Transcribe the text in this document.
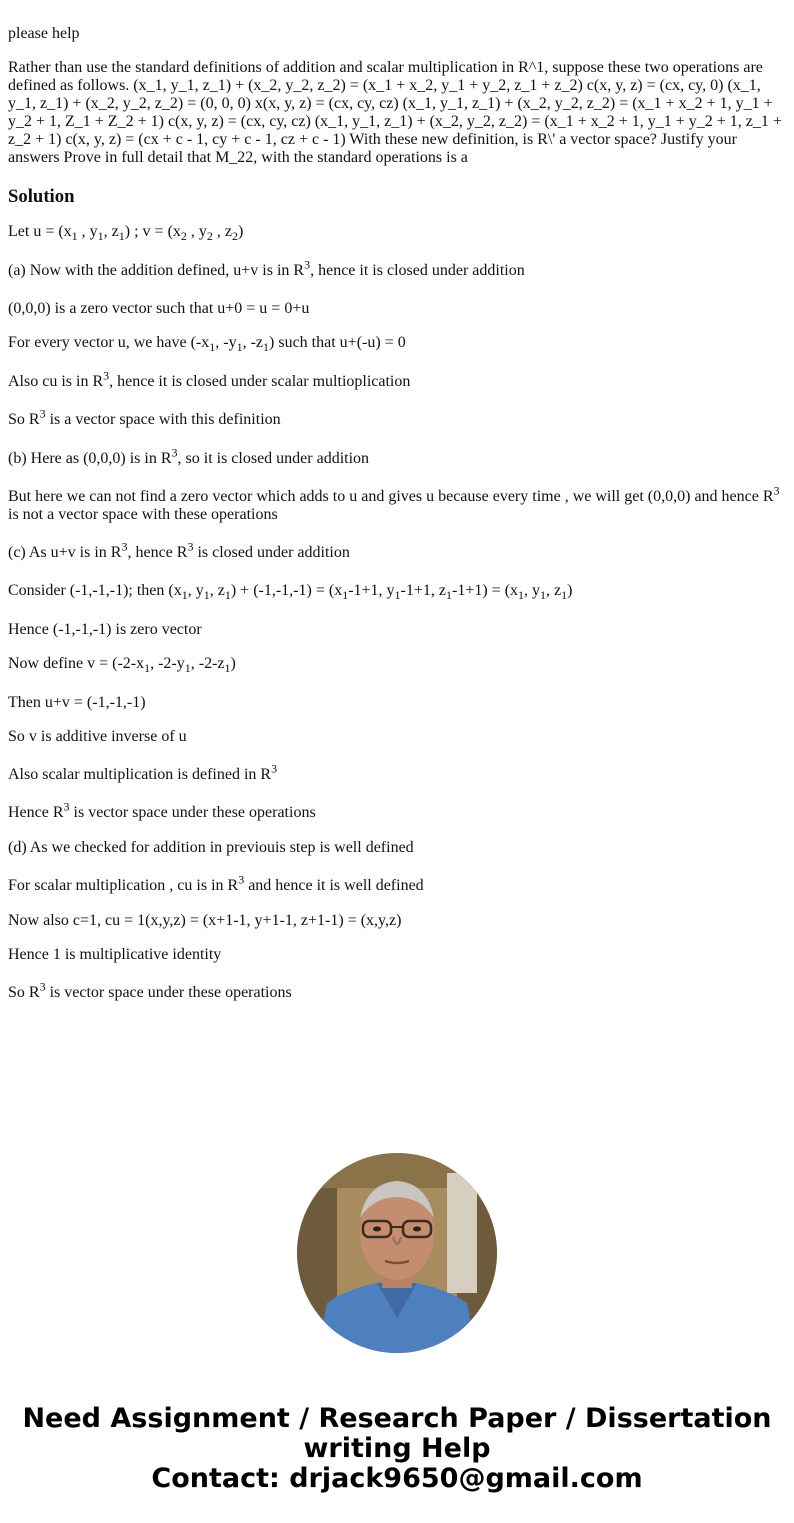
please help

Rather than use the standard definitions of addition and scalar multiplication in R^1, suppose these two operations are defined as follows. (x_1, y_1, z_1) + (x_2, y_2, z_2) = (x_1 + x_2, y_1 + y_2, z_1 + z_2) c(x, y, z) = (cx, cy, 0) (x_1, y_1, z_1) + (x_2, y_2, z_2) = (0, 0, 0) x(x, y, z) = (cx, cy, cz) (x_1, y_1, z_1) + (x_2, y_2, z_2) = (x_1 + x_2 + 1, y_1 + y_2 + 1, Z_1 + Z_2 + 1) c(x, y, z) = (cx, cy, cz) (x_1, y_1, z_1) + (x_2, y_2, z_2) = (x_1 + x_2 + 1, y_1 + y_2 + 1, z_1 + z_2 + 1) c(x, y, z) = (cx + c - 1, cy + c - 1, cz + c - 1) With these new definition, is R\' a vector space? Justify your answers Prove in full detail that M_22, with the standard operations is a

Solution

Let $u = (x_1$ , $y_1$, $z_1$) ; $v = (x_2$ , $y_2$ , $z_2$)

(a) Now with the addition defined, u+v is in $R^3$, hence it is closed under addition

(0,0,0) is a zero vector such that u+0 = u = 0+u

For every vector u, we have ($-x_1$, $-y_1$, $-z_1$) such that u+(-u) = 0

Also cu is in $R^3$, hence it is closed under scalar multioplication

So $R^3$ is a vector space with this definition

(b) Here as (0,0,0) is in $R^3$, so it is closed under addition

But here we can not find a zero vector which adds to u and gives u because every time , we will get (0,0,0) and hence $R^3$ is not a vector space with these operations

(c) As u+v is in $R^3$, hence $R^3$ is closed under addition

Consider (-1,-1,-1); then ($x_1$, $y_1$, $z_1) + (-1,-1,-1) = (x_1-1+1$, $y_1-1+1$, $z_1-1+1) = (x_1$, $y_1$, $z_1$)

Hence (-1,-1,-1) is zero vector

Now define $v = (-2-x_1$, $-2-y_1$, $-2-z_1$)

Then u+v = (-1,-1,-1)

So v is additive inverse of u

Also scalar multiplication is defined in $R^3$

Hence $R^3$ is vector space under these operations

(d) As we checked for addition in previouis step is well defined

For scalar multiplication , cu is in $R^3$ and hence it is well defined

Now also c=1, cu = 1(x,y,z) = (x+1-1, y+1-1, z+1-1) = (x,y,z)

Hence 1 is multiplicative identity

So $R^3$ is vector space under these operations

Need Assignment / Research Paper / Dissertation
writing Help
Contact: drjack9650@gmail.com
